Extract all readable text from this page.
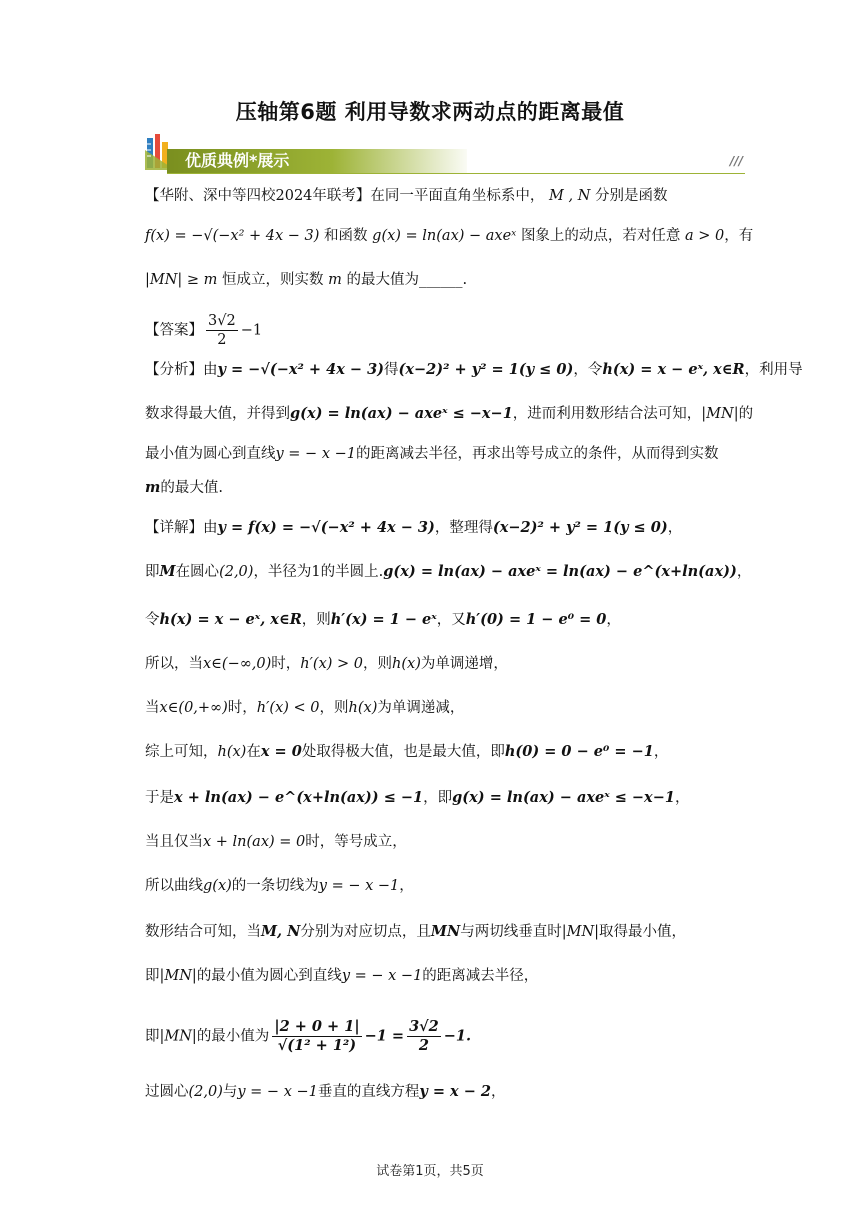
压轴第6题 利用导数求两动点的距离最值
优质典例*展示	///
【华附、深中等四校2024年联考】在同一平面直角坐标系中， M , N 分别是函数
f(x) = −√(−x² + 4x − 3) 和函数 g(x) = ln(ax) − axeˣ 图象上的动点，若对任意 a > 0，有
|MN| ≥ m 恒成立，则实数 m 的最大值为______.
【答案】 $\frac{3√2}{2} -1$
【分析】由y = −√(−x² + 4x − 3)得(x−2)² + y² = 1(y ≤ 0)，令h(x) = x − eˣ, x∈R，利用导
数求得最大值，并得到g(x) = ln(ax) − axeˣ ≤ −x−1，进而利用数形结合法可知，|MN|的
最小值为圆心到直线y = − x −1的距离减去半径，再求出等号成立的条件，从而得到实数
m的最大值.
【详解】由y = f(x) = −√(−x² + 4x − 3)，整理得(x−2)² + y² = 1(y ≤ 0)，
即M在圆心(2,0)，半径为1的半圆上.g(x) = ln(ax) − axeˣ = ln(ax) − e^(x+ln(ax))，
令h(x) = x − eˣ, x∈R，则h′(x) = 1 − eˣ，又h′(0) = 1 − e⁰ = 0，
所以，当x∈(−∞,0)时，h′(x) > 0，则h(x)为单调递增，
当x∈(0,+∞)时，h′(x) < 0，则h(x)为单调递减，
综上可知，h(x)在x = 0处取得极大值，也是最大值，即h(0) = 0 − e⁰ = −1，
于是x + ln(ax) − e^(x+ln(ax)) ≤ −1，即g(x) = ln(ax) − axeˣ ≤ −x−1，
当且仅当x + ln(ax) = 0时，等号成立，
所以曲线g(x)的一条切线为y = − x −1，
数形结合可知，当M, N分别为对应切点，且MN与两切线垂直时|MN|取得最小值，
即|MN|的最小值为圆心到直线y = − x −1的距离减去半径，
即|MN|的最小值为 $\frac{|2 + 0 + 1|}{\text{√(1² + 1²)}} -1 = \frac{3√2}{2} -1$.
过圆心(2,0)与y = − x −1垂直的直线方程y = x − 2，
试卷第1页，共5页
